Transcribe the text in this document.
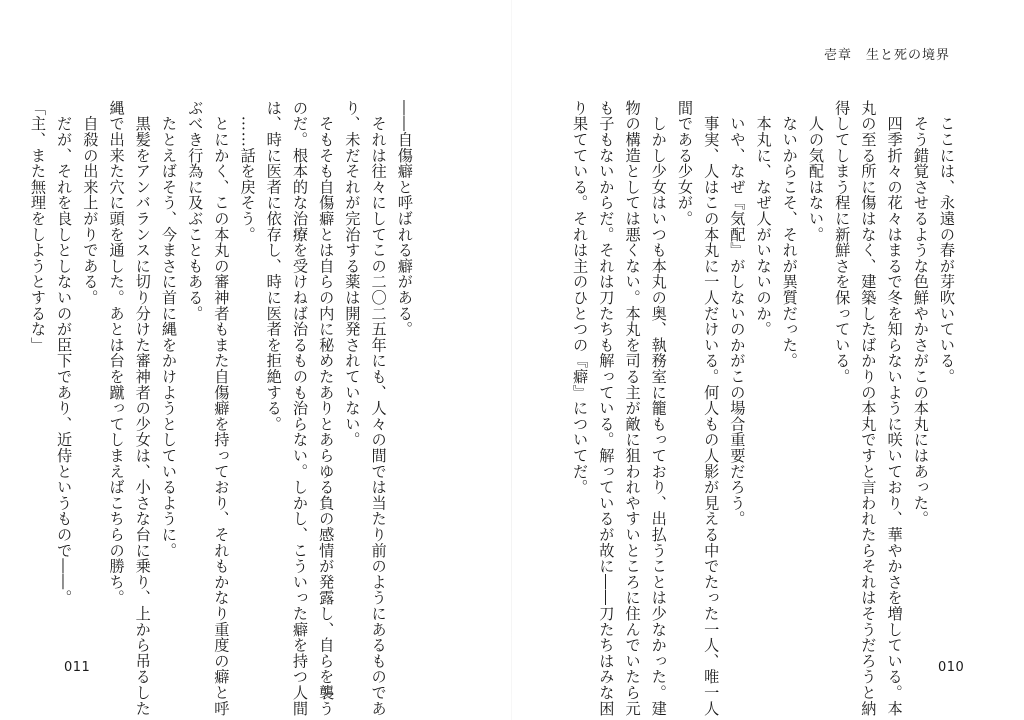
壱章　生と死の境界
　ここには、永遠の春が芽吹いている。
　そう錯覚させるような色鮮やかさがこの本丸にはあった。
　四季折々の花々はまるで冬を知らないように咲いており、華やかさを増している。本
丸の至る所に傷はなく、建築したばかりの本丸ですと言われたらそれはそうだろうと納
得してしまう程に新鮮さを保っている。
　人の気配はない。
　ないからこそ、それが異質だった。
　本丸に、なぜ人がいないのか。
　いや、なぜ『気配』がしないのかがこの場合重要だろう。
　事実、人はこの本丸に一人だけいる。何人もの人影が見える中でたった一人、唯一人
間である少女が。
　しかし少女はいつも本丸の奥、執務室に籠もっており、出払うことは少なかった。建
物の構造としては悪くない。本丸を司る主が敵に狙われやすいところに住んでいたら元
も子もないからだ。それは刀たちも解っている。解っているが故に――刀たちはみな困
り果てている。それは主のひとつの『癖』についてだ。
010
――自傷癖と呼ばれる癖がある。
　それは往々にしてこの二〇二五年にも、人々の間では当たり前のようにあるものであ
り、未だそれが完治する薬は開発されていない。
　そもそも自傷癖とは自らの内に秘めたありとあらゆる負の感情が発露し、自らを襲う
のだ。根本的な治療を受けねば治るものも治らない。しかし、こういった癖を持つ人間
は、時に医者に依存し、時に医者を拒絶する。
　……話を戻そう。
　とにかく、この本丸の審神者もまた自傷癖を持っており、それもかなり重度の癖と呼
ぶべき行為に及ぶこともある。
　たとえばそう、今まさに首に縄をかけようとしているように。
　黒髪をアンバランスに切り分けた審神者の少女は、小さな台に乗り、上から吊るした
縄で出来た穴に頭を通した。あとは台を蹴ってしまえばこちらの勝ち。
　自殺の出来上がりである。
　だが、それを良しとしないのが臣下であり、近侍というもので――。
「主、また無理をしようとするな」
011
